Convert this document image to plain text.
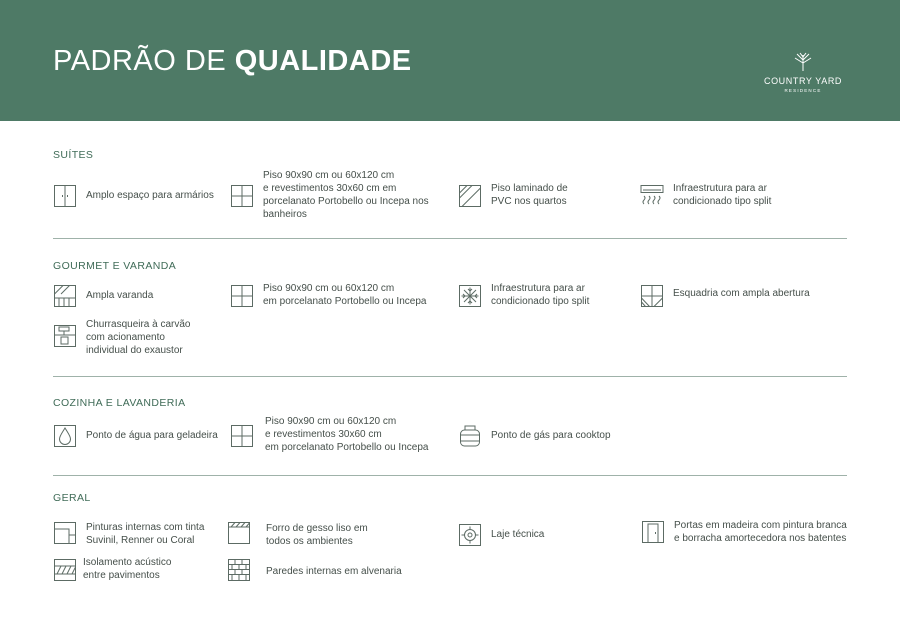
PADRÃO DE QUALIDADE
COUNTRY YARD
RESIDENCE
SUÍTES
Amplo espaço para armários
Piso 90x90 cm ou 60x120 cm
e revestimentos 30x60 cm em
porcelanato Portobello ou Incepa nos
banheiros
Piso laminado de
PVC nos quartos
Infraestrutura para ar
condicionado tipo split
GOURMET E VARANDA
Ampla varanda
Piso 90x90 cm ou 60x120 cm
em porcelanato Portobello ou Incepa
Infraestrutura para ar
condicionado tipo split
Esquadria com ampla abertura
Churrasqueira à carvão
com acionamento
individual do exaustor
COZINHA E LAVANDERIA
Ponto de água para geladeira
Piso 90x90 cm ou 60x120 cm
e revestimentos 30x60 cm
em porcelanato Portobello ou Incepa
Ponto de gás para cooktop
GERAL
Pinturas internas com tinta
Suvinil, Renner ou Coral
Forro de gesso liso em
todos os ambientes
Laje técnica
Portas em madeira com pintura branca
e borracha amortecedora nos batentes
Isolamento acústico
entre pavimentos	Paredes internas em alvenaria
